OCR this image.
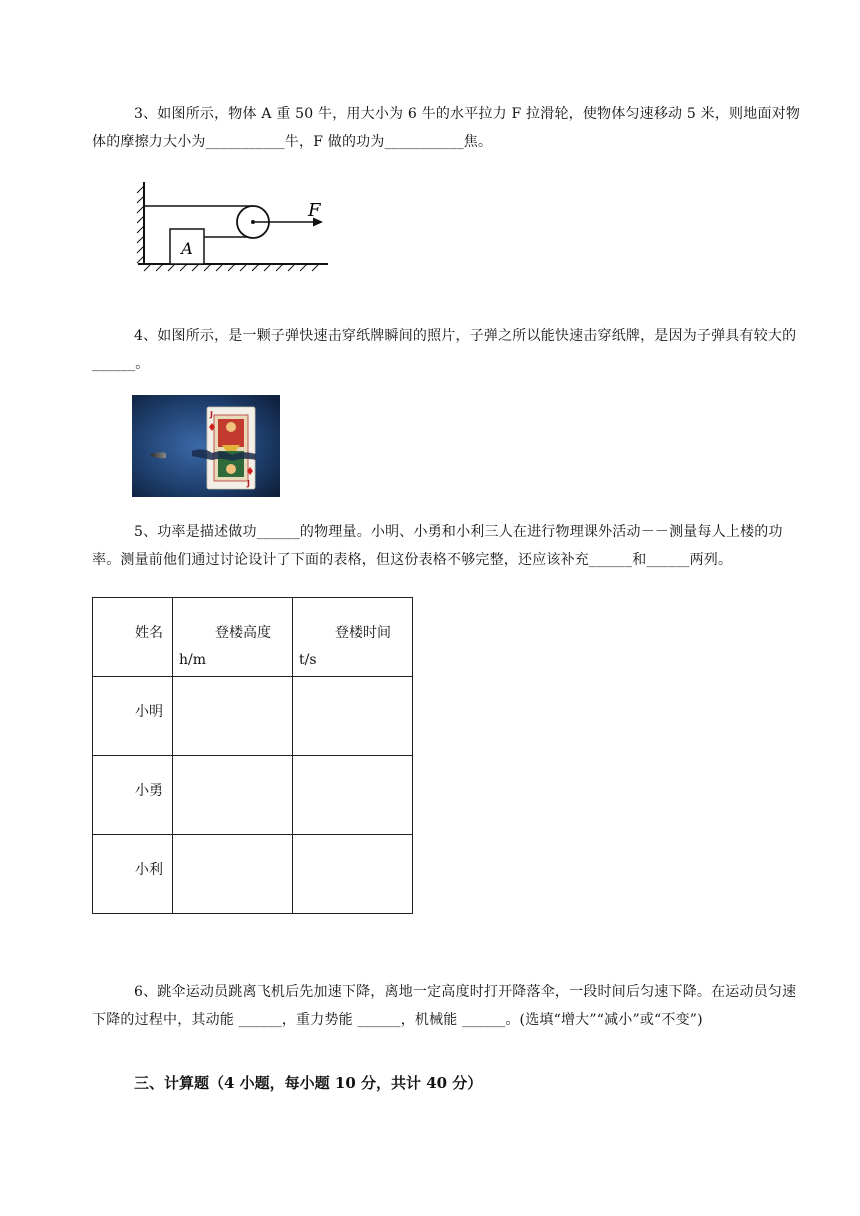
3、如图所示，物体 A 重 50 牛，用大小为 6 牛的水平拉力 F 拉滑轮，使物体匀速移动 5 米，则地面对物体的摩擦力大小为___________牛，F 做的功为___________焦。

A
F

4、如图所示，是一颗子弹快速击穿纸牌瞬间的照片，子弹之所以能快速击穿纸牌，是因为子弹具有较大的______。

J
J

5、功率是描述做功______的物理量。小明、小勇和小利三人在进行物理课外活动－－测量每人上楼的功率。测量前他们通过讨论设计了下面的表格，但这份表格不够完整，还应该补充______和______两列。

姓名	登楼高度 h/m	登楼时间 t/s
小明		
小勇		
小利		

6、跳伞运动员跳离飞机后先加速下降，离地一定高度时打开降落伞，一段时间后匀速下降。在运动员匀速下降的过程中，其动能 ______，重力势能 ______，机械能 ______。(选填“增大”“减小”或“不变”)

三、计算题（4 小题，每小题 10 分，共计 40 分）
